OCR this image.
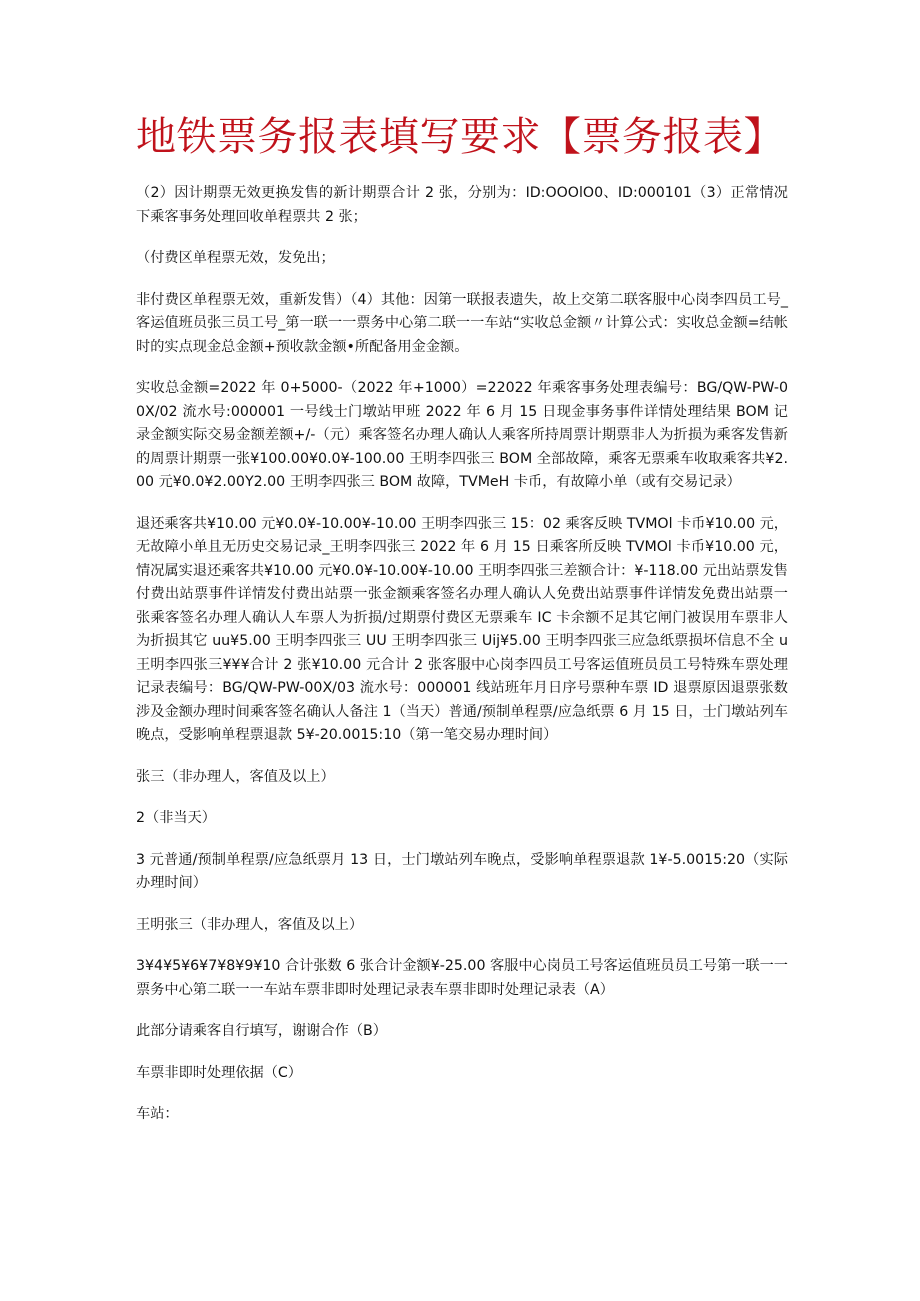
地铁票务报表填写要求【票务报表】

（2）因计期票无效更换发售的新计期票合计 2 张，分别为：ID:OOOlO0、ID:000101（3）正常情况下乘客事务处理回收单程票共 2 张；

（付费区单程票无效，发免出；

非付费区单程票无效，重新发售）（4）其他：因第一联报表遗失，故上交第二联客服中心岗李四员工号_客运值班员张三员工号_第一联一一票务中心第二联一一车站“实收总金额〃计算公式：实收总金额=结帐时的实点现金总金额+预收款金额•所配备用金金额。

实收总金额=2022 年 0+5000-（2022 年+1000）=22022 年乘客事务处理表编号：BG/QW-PW-00X/02 流水号:000001 一号线士门墩站甲班 2022 年 6 月 15 日现金事务事件详情处理结果 BOM 记录金额实际交易金额差额+/-（元）乘客签名办理人确认人乘客所持周票计期票非人为折损为乘客发售新的周票计期票一张¥100.00¥0.0¥-100.00 王明李四张三 BOM 全部故障，乘客无票乘车收取乘客共¥2.00 元¥0.0¥2.00Y2.00 王明李四张三 BOM 故障，TVMeH 卡币，有故障小单（或有交易记录）

退还乘客共¥10.00 元¥0.0¥-10.00¥-10.00 王明李四张三 15：02 乘客反映 TVMOl 卡币¥10.00 元，无故障小单且无历史交易记录_王明李四张三 2022 年 6 月 15 日乘客所反映 TVMOl 卡币¥10.00 元，情况属实退还乘客共¥10.00 元¥0.0¥-10.00¥-10.00 王明李四张三差额合计：¥-118.00 元出站票发售付费出站票事件详情发付费出站票一张金额乘客签名办理人确认人免费出站票事件详情发免费出站票一张乘客签名办理人确认人车票人为折损/过期票付费区无票乘车 IC 卡余额不足其它闸门被误用车票非人为折损其它 uu¥5.00 王明李四张三 UU 王明李四张三 Uij¥5.00 王明李四张三应急纸票损坏信息不全 u 王明李四张三¥¥¥合计 2 张¥10.00 元合计 2 张客服中心岗李四员工号客运值班员员工号特殊车票处理记录表编号：BG/QW-PW-00X/03 流水号：000001 线站班年月日序号票种车票 ID 退票原因退票张数涉及金额办理时间乘客签名确认人备注 1（当天）普通/预制单程票/应急纸票 6 月 15 日，士门墩站列车晚点，受影响单程票退款 5¥-20.0015:10（第一笔交易办理时间）

张三（非办理人，客值及以上）

2（非当天）

3 元普通/预制单程票/应急纸票月 13 日，士门墩站列车晚点，受影响单程票退款 1¥-5.0015:20（实际办理时间）

王明张三（非办理人，客值及以上）

3¥4¥5¥6¥7¥8¥9¥10 合计张数 6 张合计金额¥-25.00 客服中心岗员工号客运值班员员工号第一联一一票务中心第二联一一车站车票非即时处理记录表车票非即时处理记录表（A）

此部分请乘客自行填写，谢谢合作（B）

车票非即时处理依据（C）

车站：
